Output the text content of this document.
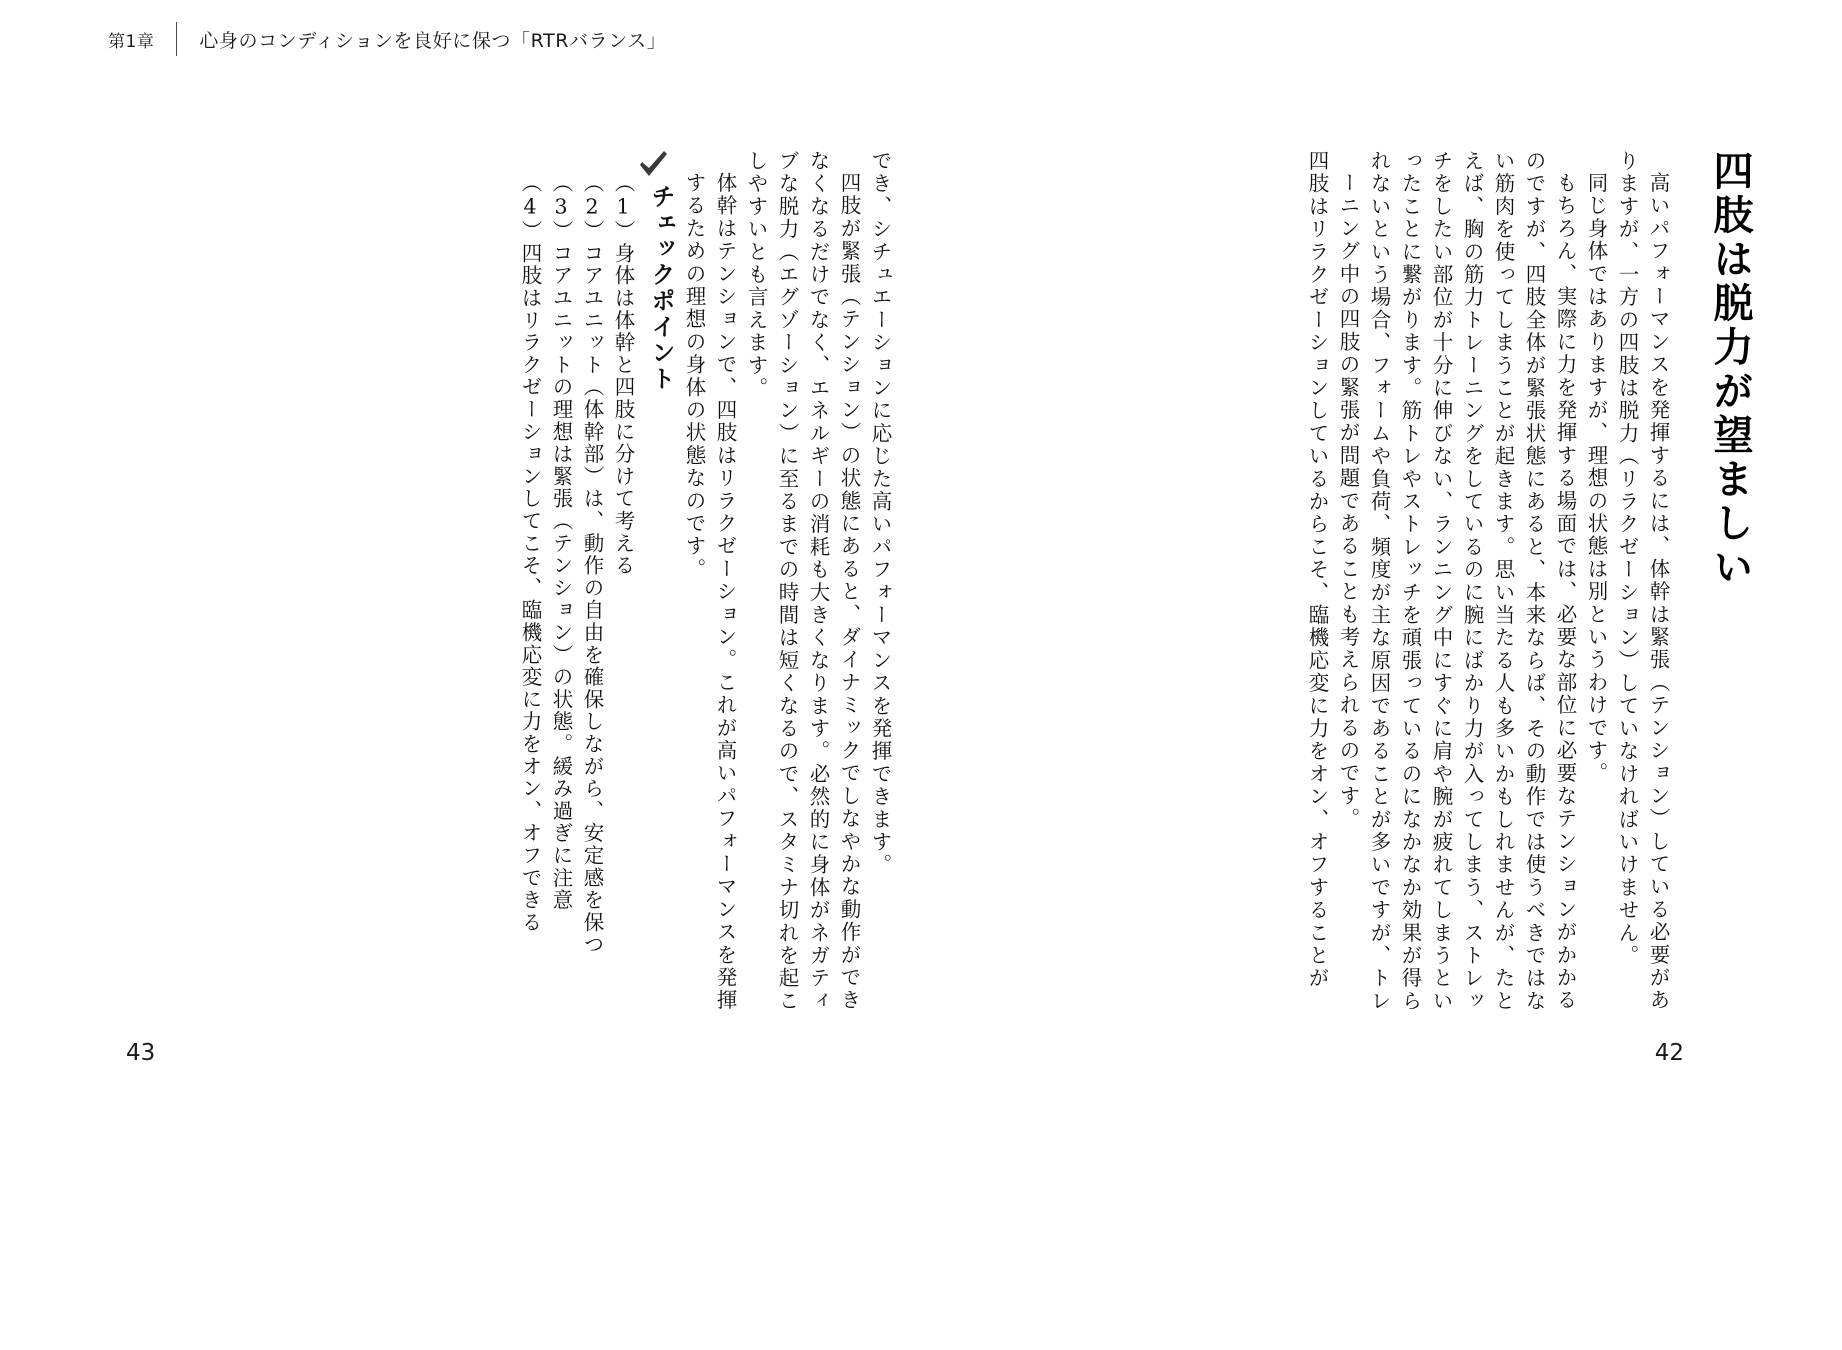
第1章 心身のコンディションを良好に保つ「RTRバランス」
四肢はリラクゼーションしているからこそ、臨機応変に力をオン、オフすることが ーニング中の四肢の緊張が問題であることも考えられるのです。 れないという場合、フォームや負荷、頻度が主な原因であることが多いですが、トレ ったことに繋がります。筋トレやストレッチを頑張っているのになかなか効果が得ら チをしたい部位が十分に伸びない、ランニング中にすぐに肩や腕が疲れてしまうとい えば、胸の筋力トレーニングをしているのに腕にばかり力が入ってしまう、ストレッ い筋肉を使ってしまうことが起きます。思い当たる人も多いかもしれませんが、たと のですが、四肢全体が緊張状態にあると、本来ならば、その動作では使うべきではな もちろん、実際に力を発揮する場面では、必要な部位に必要なテンションがかかる 同じ身体ではありますが、理想の状態は別というわけです。 りますが、一方の四肢は脱力（リラクゼーション）していなければいけません。 高いパフォーマンスを発揮するには、体幹は緊張（テンション）している必要があ 四肢は脱力が望ましい
42
（4）四肢はリラクゼーションしてこそ、臨機応変に力をオン、オフできる （3）コアユニットの理想は緊張（テンション）の状態。緩み過ぎに注意 （2）コアユニット（体幹部）は、動作の自由を確保しながら、安定感を保つ （1）身体は体幹と四肢に分けて考える チェックポイント するための理想の身体の状態なのです。 体幹はテンションで、四肢はリラクゼーション。これが高いパフォーマンスを発揮 しやすいとも言えます。 ブな脱力（エグゾーション）に至るまでの時間は短くなるので、スタミナ切れを起こ なくなるだけでなく、エネルギーの消耗も大きくなります。必然的に身体がネガティ 四肢が緊張（テンション）の状態にあると、ダイナミックでしなやかな動作ができ でき、シチュエーションに応じた高いパフォーマンスを発揮できます。
43
